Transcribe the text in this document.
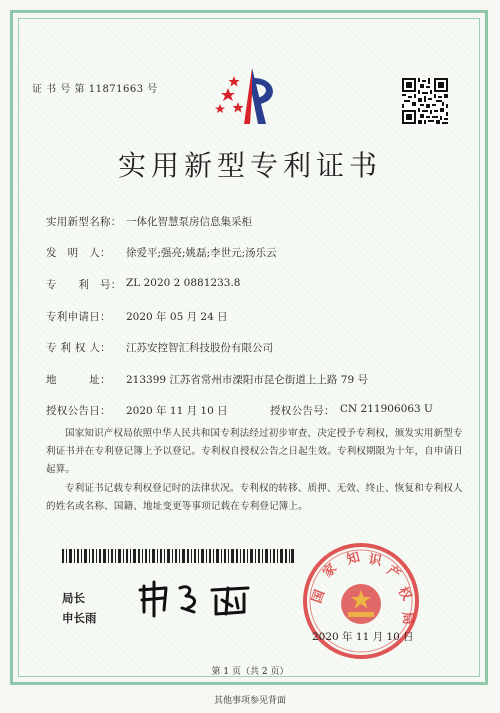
证 书 号 第 11871663 号
实用新型专利证书
实用新型名称： 一体化智慧泵房信息集采柜
发　明　人： 徐爱平;强亮;姚磊;李世元;汤乐云
专　　利　号： ZL 2020 2 0881233.8
专利申请日： 2020 年 05 月 24 日
专 利 权 人： 江苏安控智汇科技股份有限公司
地　　　址： 213399 江苏省常州市溧阳市昆仑街道上上路 79 号
授权公告日： 2020 年 11 月 10 日	授权公告号： CN 211906063 U
国家知识产权局依照中华人民共和国专利法经过初步审查，决定授予专利权，颁发实用新型专利证书并在专利登记簿上予以登记。专利权自授权公告之日起生效。专利权期限为十年，自申请日起算。
专利证书记载专利权登记时的法律状况。专利权的转移、质押、无效、终止、恢复和专利权人的姓名或名称、国籍、地址变更等事项记载在专利登记簿上。
局长
申长雨
国
家
知 识
产
权
局
2020 年 11 月 10 日
第 1 页（共 2 页）
其他事项参见背面
